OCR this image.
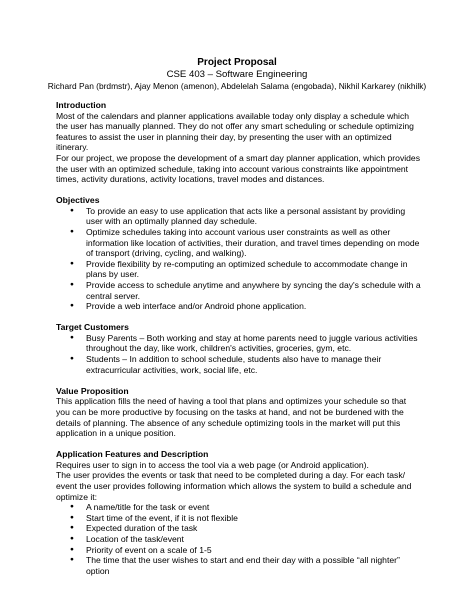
Project Proposal
CSE 403 – Software Engineering
Richard Pan (brdmstr), Ajay Menon (amenon), Abdelelah Salama (engobada), Nikhil Karkarey (nikhilk)
Introduction

Most of the calendars and planner applications available today only display a schedule which the user has manually planned. They do not offer any smart scheduling or schedule optimizing features to assist the user in planning their day, by presenting the user with an optimized itinerary.

For our project, we propose the development of a smart day planner application, which provides the user with an optimized schedule, taking into account various constraints like appointment times, activity durations, activity locations, travel modes and distances.

Objectives
● To provide an easy to use application that acts like a personal assistant by providing user with an optimally planned day schedule.
● Optimize schedules taking into account various user constraints as well as other information like location of activities, their duration, and travel times depending on mode of transport (driving, cycling, and walking).
● Provide flexibility by re-computing an optimized schedule to accommodate change in plans by user.
● Provide access to schedule anytime and anywhere by syncing the day's schedule with a central server.
● Provide a web interface and/or Android phone application.
Target Customers
● Busy Parents – Both working and stay at home parents need to juggle various activities throughout the day, like work, children's activities, groceries, gym, etc.
● Students – In addition to school schedule, students also have to manage their extracurricular activities, work, social life, etc.
Value Proposition

This application fills the need of having a tool that plans and optimizes your schedule so that you can be more productive by focusing on the tasks at hand, and not be burdened with the details of planning. The absence of any schedule optimizing tools in the market will put this application in a unique position.

Application Features and Description

Requires user to sign in to access the tool via a web page (or Android application).

The user provides the events or task that need to be completed during a day. For each task/ event the user provides following information which allows the system to build a schedule and optimize it:

● A name/title for the task or event
● Start time of the event, if it is not flexible
● Expected duration of the task
● Location of the task/event
● Priority of event on a scale of 1-5
● The time that the user wishes to start and end their day with a possible “all nighter” option
